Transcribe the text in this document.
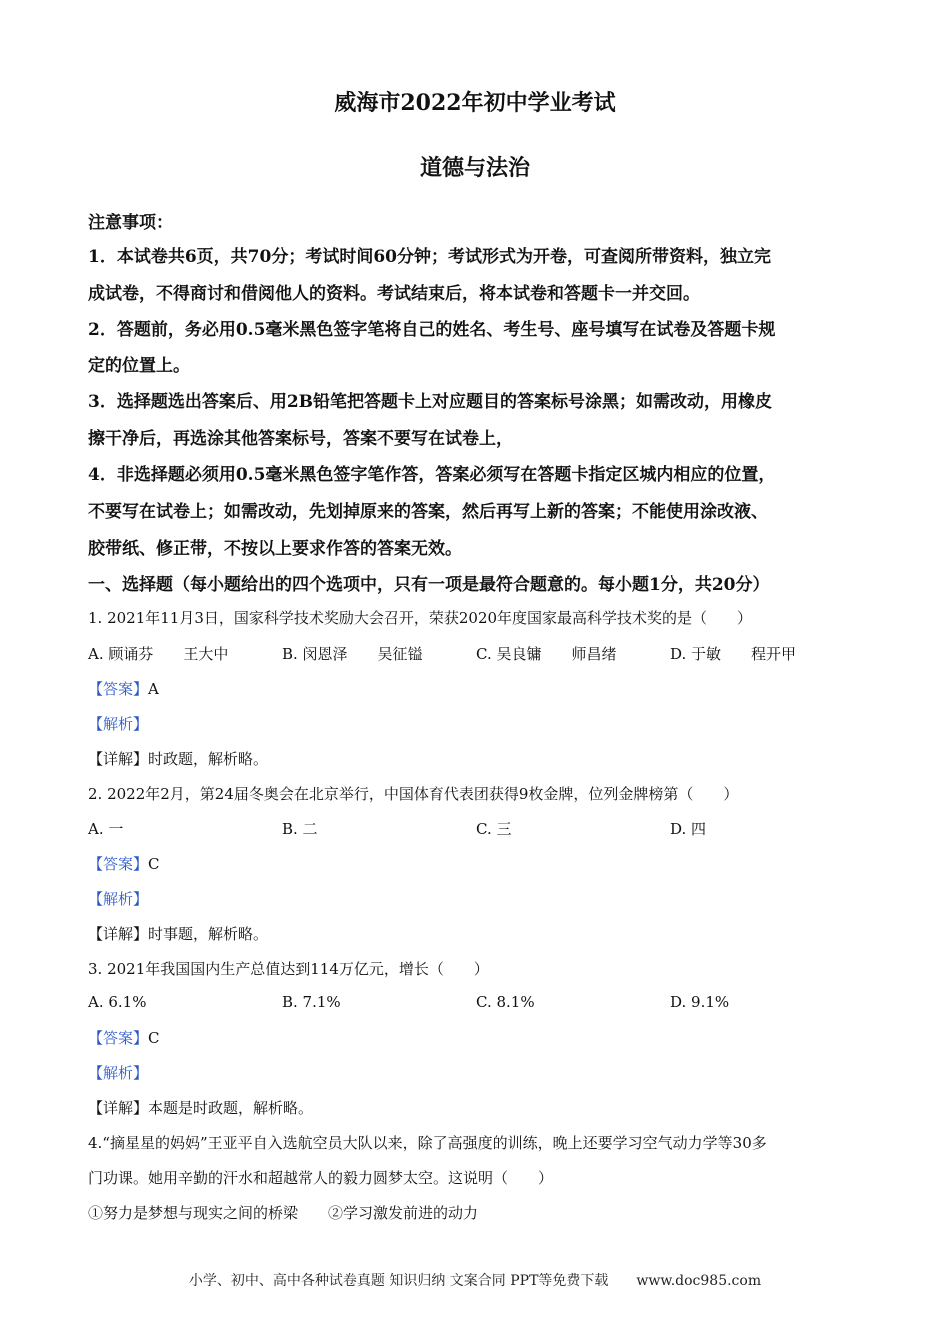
威海市2022年初中学业考试
道德与法治
注意事项：
1．本试卷共6页，共70分；考试时间60分钟；考试形式为开卷，可查阅所带资料，独立完
成试卷，不得商讨和借阅他人的资料。考试结束后，将本试卷和答题卡一并交回。
2．答题前，务必用0.5毫米黑色签字笔将自己的姓名、考生号、座号填写在试卷及答题卡规
定的位置上。
3．选择题选出答案后、用2B铅笔把答题卡上对应题目的答案标号涂黑；如需改动，用橡皮
擦干净后，再选涂其他答案标号，答案不要写在试卷上，
4．非选择题必须用0.5毫米黑色签字笔作答，答案必须写在答题卡指定区城内相应的位置，
不要写在试卷上；如需改动，先划掉原来的答案，然后再写上新的答案；不能使用涂改液、
胶带纸、修正带，不按以上要求作答的答案无效。
一、选择题（每小题给出的四个选项中，只有一项是最符合题意的。每小题1分，共20分）
1. 2021年11月3日，国家科学技术奖励大会召开，荣获2020年度国家最高科学技术奖的是（　　）
A. 顾诵芬　　王大中	B. 闵恩泽　　吴征镒	C. 吴良镛　　师昌绪	D. 于敏　　程开甲
【答案】A
【解析】
【详解】时政题，解析略。
2. 2022年2月，第24届冬奥会在北京举行，中国体育代表团获得9枚金牌，位列金牌榜第（　　）
A. 一	B. 二	C. 三	D. 四
【答案】C
【解析】
【详解】时事题，解析略。
3. 2021年我国国内生产总值达到114万亿元，增长（　　）
A. 6.1%	B. 7.1%	C. 8.1%	D. 9.1%
【答案】C
【解析】
【详解】本题是时政题，解析略。
4.“摘星星的妈妈”王亚平自入选航空员大队以来，除了高强度的训练，晚上还要学习空气动力学等30多
门功课。她用辛勤的汗水和超越常人的毅力圆梦太空。这说明（　　）
①努力是梦想与现实之间的桥梁　　②学习激发前进的动力
小学、初中、高中各种试卷真题 知识归纳 文案合同 PPT等免费下载　　www.doc985.com
